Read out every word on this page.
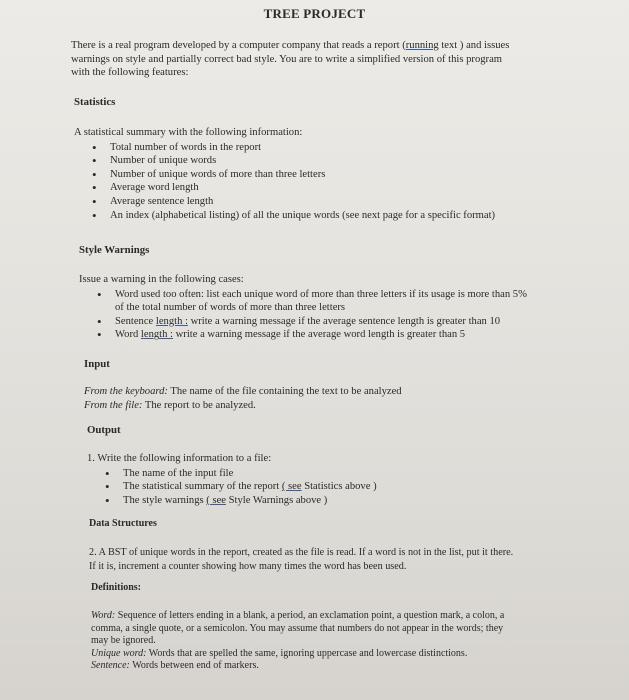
TREE PROJECT
There is a real program developed by a computer company that reads a report (running text ) and issues
warnings on style and partially correct bad style. You are to write a simplified version of this program
with the following features:
Statistics
A statistical summary with the following information:
• Total number of words in the report
• Number of unique words
• Number of unique words of more than three letters
• Average word length
• Average sentence length
• An index (alphabetical listing) of all the unique words (see next page for a specific format)
Style Warnings
Issue a warning in the following cases:
• Word used too often: list each unique word of more than three letters if its usage is more than 5%
of the total number of words of more than three letters
• Sentence length : write a warning message if the average sentence length is greater than 10
• Word length : write a warning message if the average word length is greater than 5
Input
From the keyboard: The name of the file containing the text to be analyzed
From the file: The report to be analyzed.
Output
1. Write the following information to a file:
• The name of the input file
• The statistical summary of the report ( see Statistics above )
• The style warnings ( see Style Warnings above )
Data Structures
2. A BST of unique words in the report, created as the file is read. If a word is not in the list, put it there.
If it is, increment a counter showing how many times the word has been used.
Definitions:
Word: Sequence of letters ending in a blank, a period, an exclamation point, a question mark, a colon, a
comma, a single quote, or a semicolon. You may assume that numbers do not appear in the words; they
may be ignored.
Unique word: Words that are spelled the same, ignoring uppercase and lowercase distinctions.
Sentence: Words between end of markers.
